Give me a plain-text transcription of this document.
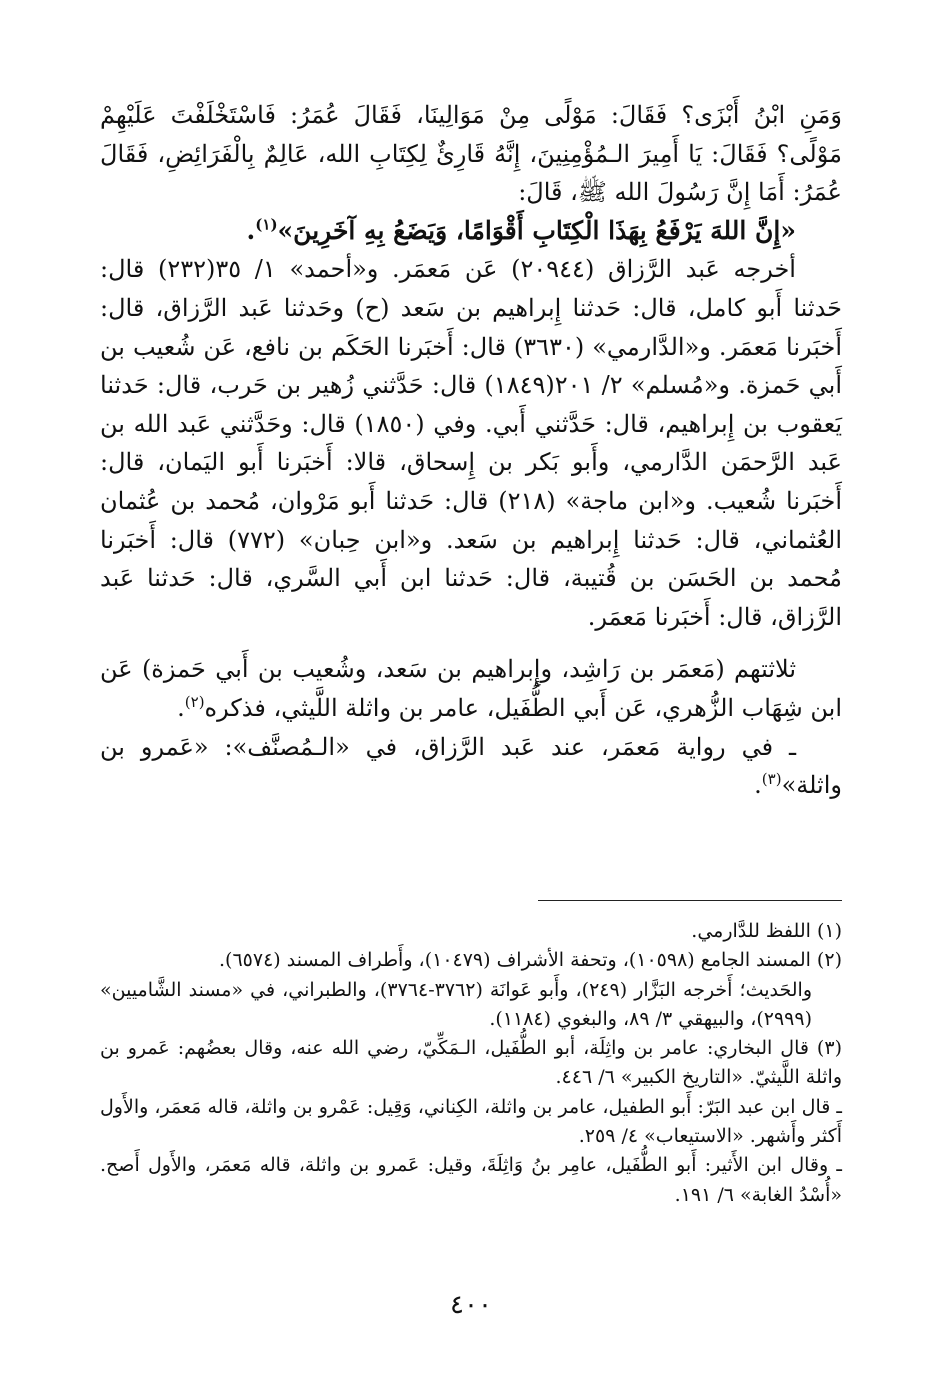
وَمَنِ ابْنُ أَبْزَى؟ فَقَالَ: مَوْلًى مِنْ مَوَالِينَا، فَقَالَ عُمَرُ: فَاسْتَخْلَفْتَ عَلَيْهِمْ مَوْلًى؟ فَقَالَ: يَا أَمِيرَ الـمُؤْمِنِينَ، إِنَّهُ قَارِئٌ لِكِتَابِ الله، عَالِمٌ بِالْفَرَائِضِ، فَقَالَ عُمَرُ: أَمَا إِنَّ رَسُولَ الله ﷺ، قَالَ:

«إِنَّ اللهَ يَرْفَعُ بِهَذَا الْكِتَابِ أَقْوَامًا، وَيَضَعُ بِهِ آخَرِينَ»$^{(١)}$.

أخرجه عَبد الرَّزاق (٢٠٩٤٤) عَن مَعمَر. و«أحمد» ١/ ٣٥(٢٣٢) قال: حَدثنا أَبو كامل، قال: حَدثنا إِبراهيم بن سَعد (ح) وحَدثنا عَبد الرَّزاق، قال: أَخبَرنا مَعمَر. و«الدَّارمي» (٣٦٣٠) قال: أَخبَرنا الحَكَم بن نافع، عَن شُعيب بن أَبي حَمزة. و«مُسلم» ٢/ ٢٠١(١٨٤٩) قال: حَدَّثني زُهير بن حَرب، قال: حَدثنا يَعقوب بن إِبراهيم، قال: حَدَّثني أَبي. وفي (١٨٥٠) قال: وحَدَّثني عَبد الله بن عَبد الرَّحمَن الدَّارمي، وأَبو بَكر بن إِسحاق، قالا: أَخبَرنا أَبو اليَمان، قال: أَخبَرنا شُعيب. و«ابن ماجة» (٢١٨) قال: حَدثنا أَبو مَرْوان، مُحمد بن عُثمان العُثماني، قال: حَدثنا إِبراهيم بن سَعد. و«ابن حِبان» (٧٧٢) قال: أَخبَرنا مُحمد بن الحَسَن بن قُتيبة، قال: حَدثنا ابن أَبي السَّري، قال: حَدثنا عَبد الرَّزاق، قال: أَخبَرنا مَعمَر.

ثلاثتهم (مَعمَر بن رَاشِد، وإِبراهيم بن سَعد، وشُعيب بن أَبي حَمزة) عَن ابن شِهَاب الزُّهري، عَن أَبي الطُّفَيل، عامر بن واثلة اللَّيثي، فذكره$^{(٢)}$.

ـ في رواية مَعمَر، عند عَبد الرَّزاق، في «الـمُصنَّف»: «عَمرو بن واثلة»$^{(٣)}$.

(١) اللفظ للدَّارمي.

(٢) المسند الجامع (١٠٥٩٨)، وتحفة الأشراف (١٠٤٧٩)، وأَطراف المسند (٦٥٧٤).

والحَديث؛ أَخرجه البَزَّار (٢٤٩)، وأَبو عَوانَة (٣٧٦٢-٣٧٦٤)، والطبراني، في «مسند الشَّاميين» (٢٩٩٩)، والبيهقي ٣/ ٨٩، والبغوي (١١٨٤).

(٣) قال البخاري: عامر بن واثِلَة، أبو الطُّفَيل، الـمَكِّيّ، رضي الله عنه، وقال بعضُهم: عَمرو بن واثلة اللَّيثيّ. «التاريخ الكبير» ٦/ ٤٤٦.

ـ قال ابن عبد البَرّ: أَبو الطفيل، عامر بن واثلة، الكِناني، وَقِيل: عَمْرو بن واثلة، قاله مَعمَر، والأَول أَكثر وأَشهر. «الاستيعاب» ٤/ ٢٥٩.

ـ وقال ابن الأَثير: أَبو الطُّفَيل، عامِر بنُ وَاثِلَةَ، وقيل: عَمرو بن واثلة، قاله مَعمَر، والأَول أَصح. «أُسْدُ الغابة» ٦/ ١٩١.

٤٠٠
